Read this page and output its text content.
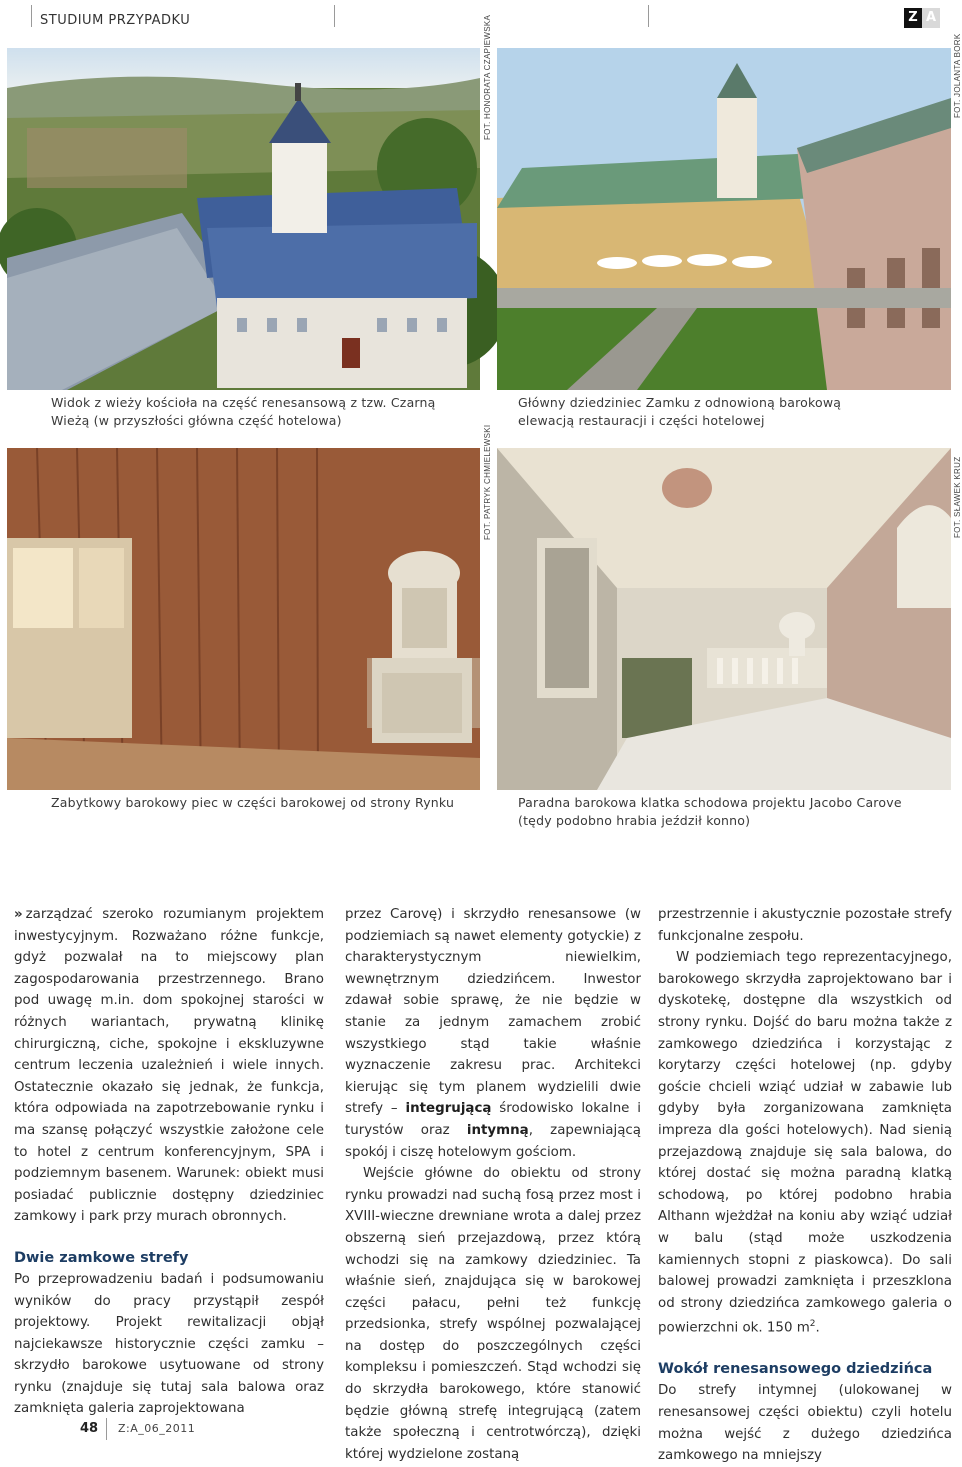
STUDIUM PRZYPADKU	Z A
FOT. HONORATA CZAPIEWSKA
Widok z wieży kościoła na część renesansową z tzw. Czarną Wieżą (w przyszłości główna część hotelowa)
FOT. JOLANTA BORK
Główny dziedziniec Zamku z odnowioną barokową elewacją restauracji i części hotelowej
FOT. PATRYK CHMIELEWSKI
Zabytkowy barokowy piec w części barokowej od strony Rynku
FOT. SŁAWEK KRUZ
Paradna barokowa klatka schodowa projektu Jacobo Carove (tędy podobno hrabia jeździł konno)

» zarządzać szeroko rozumianym projektem inwestycyjnym. Rozważano różne funkcje, gdyż pozwalał na to miejscowy plan zagospodarowania przestrzennego. Brano pod uwagę m.in. dom spokojnej starości w różnych wariantach, prywatną klinikę chirurgiczną, ciche, spokojne i ekskluzywne centrum leczenia uzależnień i wiele innych. Ostatecznie okazało się jednak, że funkcja, która odpowiada na zapotrzebowanie rynku i ma szansę połączyć wszystkie założone cele to hotel z centrum konferencyjnym, SPA i podziemnym basenem. Warunek: obiekt musi posiadać publicznie dostępny dziedziniec zamkowy i park przy murach obronnych.

Dwie zamkowe strefy

Po przeprowadzeniu badań i podsumowaniu wyników do pracy przystąpił zespół projektowy. Projekt rewitalizacji objął najciekawsze historycznie części zamku – skrzydło barokowe usytuowane od strony rynku (znajduje się tutaj sala balowa oraz zamknięta galeria zaprojektowana

przez Carovę) i skrzydło renesansowe (w podziemiach są nawet elementy gotyckie) z charakterystycznym niewielkim, wewnętrznym dziedzińcem. Inwestor zdawał sobie sprawę, że nie będzie w stanie za jednym zamachem zrobić wszystkiego stąd takie właśnie wyznaczenie zakresu prac. Architekci kierując się tym planem wydzielili dwie strefy – integrującą środowisko lokalne i turystów oraz intymną, zapewniającą spokój i ciszę hotelowym gościom.

Wejście główne do obiektu od strony rynku prowadzi nad suchą fosą przez most i XVIII-wieczne drewniane wrota a dalej przez obszerną sień przejazdową, przez którą wchodzi się na zamkowy dziedziniec. Ta właśnie sień, znajdująca się w barokowej części pałacu, pełni też funkcję przedsionka, strefy wspólnej pozwalającej na dostęp do poszczególnych części kompleksu i pomieszczeń. Stąd wchodzi się do skrzydła barokowego, które stanowić będzie główną strefę integrującą (zatem także społeczną i centrotwórczą), dzięki której wydzielone zostaną

przestrzennie i akustycznie pozostałe strefy funkcjonalne zespołu.

W podziemiach tego reprezentacyjnego, barokowego skrzydła zaprojektowano bar i dyskotekę, dostępne dla wszystkich od strony rynku. Dojść do baru można także z zamkowego dziedzińca i korzystając z korytarzy części hotelowej (np. gdyby goście chcieli wziąć udział w zabawie lub gdyby była zorganizowana zamknięta impreza dla gości hotelowych). Nad sienią przejazdową znajduje się sala balowa, do której dostać się można paradną klatką schodową, po której podobno hrabia Althann wjeżdżał na koniu aby wziąć udział w balu (stąd może uszkodzenia kamiennych stopni z piaskowca). Do sali balowej prowadzi zamknięta i przeszklona od strony dziedzińca zamkowego galeria o powierzchni ok. 150 $m^2$.

Wokół renesansowego dziedzińca

Do strefy intymnej (ulokowanej w renesansowej części obiektu) czyli hotelu można wejść z dużego dziedzińca zamkowego na mniejszy

48 Z:A_06_2011
